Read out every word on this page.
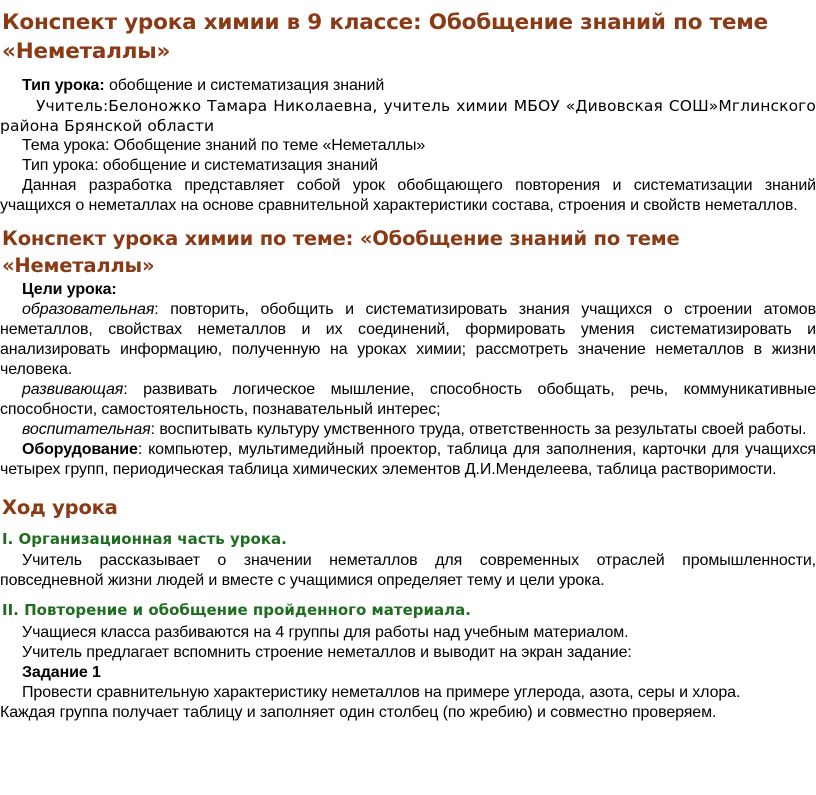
Конспект урока химии в 9 классе: Обобщение знаний по теме «Неметаллы»

Тип урока: обобщение и систематизация знаний

Учитель:Белоножко Тамара Николаевна, учитель химии МБОУ «Дивовская СОШ»Мглинского района Брянской области

Тема урока: Обобщение знаний по теме «Неметаллы»

Тип урока: обобщение и систематизация знаний

Данная разработка представляет собой урок обобщающего повторения и систематизации знаний учащихся о неметаллах на основе сравнительной характеристики состава, строения и свойств неметаллов.

Конспект урока химии по теме: «Обобщение знаний по теме «Неметаллы»

Цели урока:

образовательная: повторить, обобщить и систематизировать знания учащихся о строении атомов неметаллов, свойствах неметаллов и их соединений, формировать умения систематизировать и анализировать информацию, полученную на уроках химии; рассмотреть значение неметаллов в жизни человека.

развивающая: развивать логическое мышление, способность обобщать, речь, коммуникативные способности, самостоятельность, познавательный интерес;

воспитательная: воспитывать культуру умственного труда, ответственность за результаты своей работы.

Оборудование: компьютер, мультимедийный проектор, таблица для заполнения, карточки для учащихся четырех групп, периодическая таблица химических элементов Д.И.Менделеева, таблица растворимости.

Ход урока
I. Организационная часть урока.

Учитель рассказывает о значении неметаллов для современных отраслей промышленности, повседневной жизни людей и вместе с учащимися определяет тему и цели урока.

II. Повторение и обобщение пройденного материала.

Учащиеся класса разбиваются на 4 группы для работы над учебным материалом.

Учитель предлагает вспомнить строение неметаллов и выводит на экран задание:

Задание 1

Провести сравнительную характеристику неметаллов на примере углерода, азота, серы и хлора.

Каждая группа получает таблицу и заполняет один столбец (по жребию) и совместно проверяем.
